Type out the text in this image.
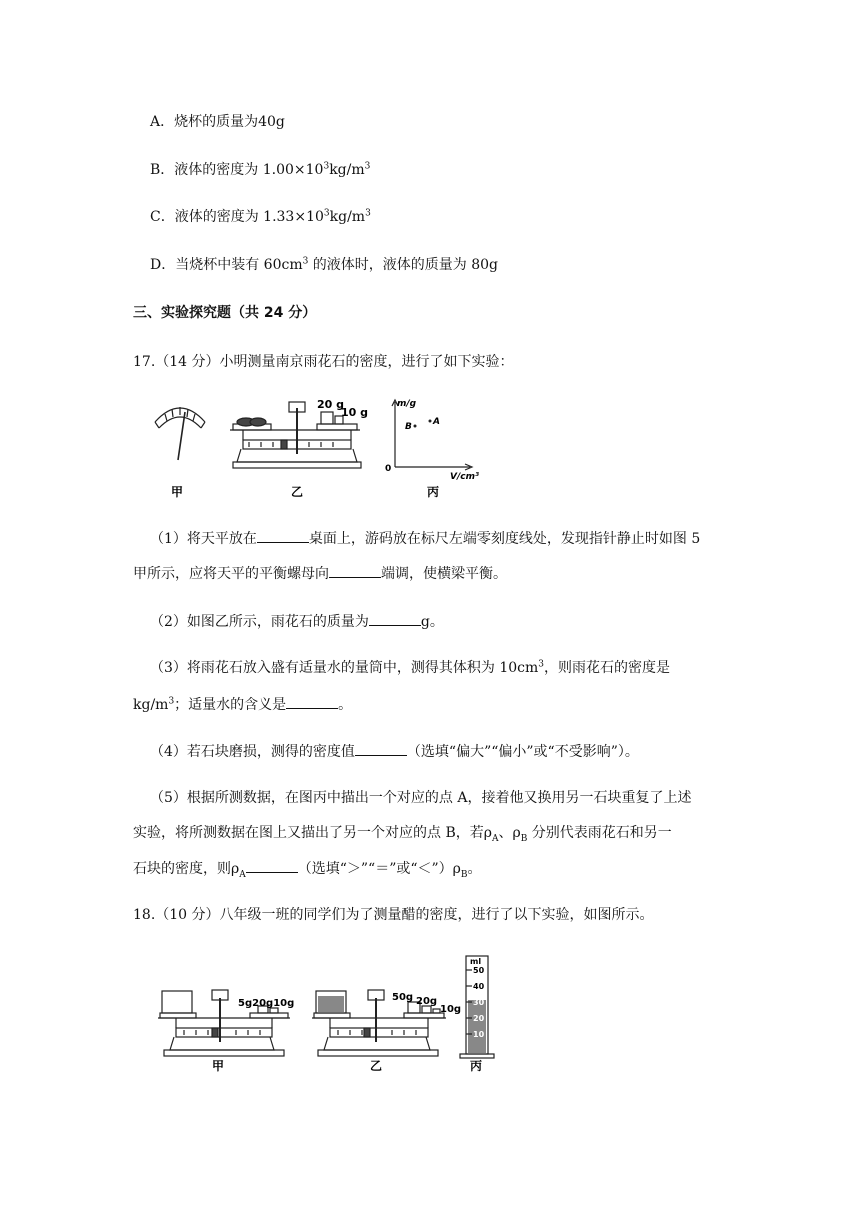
A．烧杯的质量为40g
B．液体的密度为 $1.00\times 10^3kg/m^3$
C．液体的密度为 $1.33\times 10^3kg/m^3$
D．当烧杯中装有 $60cm^3$ 的液体时，液体的质量为 80g
三、实验探究题（共 24 分）
17.（14 分）小明测量南京雨花石的密度，进行了如下实验：
甲
20 g
10 g
乙
m/g
V/cm³
0
A
B
丙
（1）将天平放在	桌面上，游码放在标尺左端零刻度线处，发现指针静止时如图 5
甲所示，应将天平的平衡螺母向	端调，使横梁平衡。
（2）如图乙所示，雨花石的质量为	g。
（3）将雨花石放入盛有适量水的量筒中，测得其体积为 $10cm^3$，则雨花石的密度是
$kg/m^3$；适量水的含义是	。
（4）若石块磨损，测得的密度值	（选填“偏大”“偏小”或“不受影响”）。
（5）根据所测数据，在图丙中描出一个对应的点 A，接着他又换用另一石块重复了上述
实验，将所测数据在图上又描出了另一个对应的点 B，若$\rho_A$、$\rho_B$ 分别代表雨花石和另一
石块的密度，则$\rho_A$	（选填“＞”“＝”或“$<”)\rho_B$。
18.（10 分）八年级一班的同学们为了测量醋的密度，进行了以下实验，如图所示。
5g20g10g
甲
50g 20g
10g
乙
ml
50
40
30
20
10
丙
